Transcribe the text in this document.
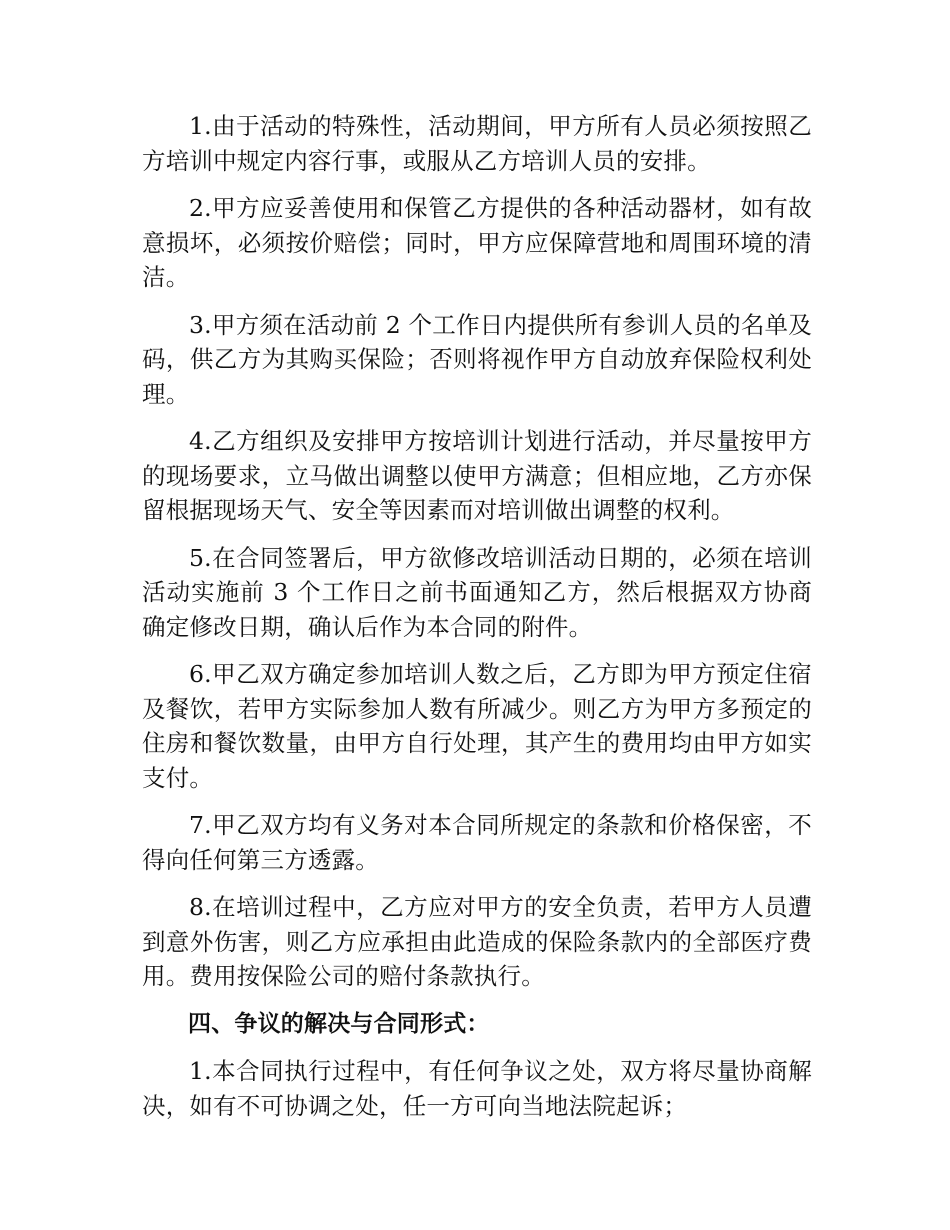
1.由于活动的特殊性，活动期间，甲方所有人员必须按照乙方培训中规定内容行事，或服从乙方培训人员的安排。

2.甲方应妥善使用和保管乙方提供的各种活动器材，如有故意损坏，必须按价赔偿；同时，甲方应保障营地和周围环境的清洁。

3.甲方须在活动前 2 个工作日内提供所有参训人员的名单及码，供乙方为其购买保险；否则将视作甲方自动放弃保险权利处理。

4.乙方组织及安排甲方按培训计划进行活动，并尽量按甲方的现场要求，立马做出调整以使甲方满意；但相应地，乙方亦保留根据现场天气、安全等因素而对培训做出调整的权利。

5.在合同签署后，甲方欲修改培训活动日期的，必须在培训活动实施前 3 个工作日之前书面通知乙方，然后根据双方协商确定修改日期，确认后作为本合同的附件。

6.甲乙双方确定参加培训人数之后，乙方即为甲方预定住宿及餐饮，若甲方实际参加人数有所减少。则乙方为甲方多预定的住房和餐饮数量，由甲方自行处理，其产生的费用均由甲方如实支付。

7.甲乙双方均有义务对本合同所规定的条款和价格保密，不得向任何第三方透露。

8.在培训过程中，乙方应对甲方的安全负责，若甲方人员遭到意外伤害，则乙方应承担由此造成的保险条款内的全部医疗费用。费用按保险公司的赔付条款执行。

四、争议的解决与合同形式：

1.本合同执行过程中，有任何争议之处，双方将尽量协商解决，如有不可协调之处，任一方可向当地法院起诉；
